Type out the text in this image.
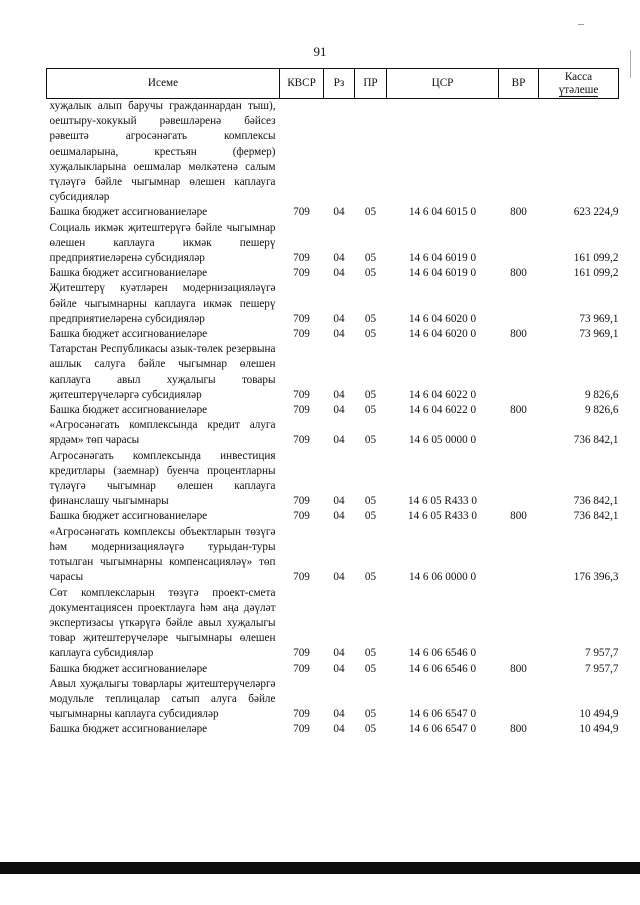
91
Исеме	КВСР	Рз	ПР	ЦСР	ВР	Касса
үтәлеше
хуҗалык алып баручы гражданнардан тыш), оештыру-хокукый рәвешләренә бәйсез рәвештә агросәнәгать комплексы оешмаларына, крестьян (фермер) хуҗалыкларына оешмалар мөлкәтенә салым түләүгә бәйле чыгымнар өлешен каплауга субсидияләр						
Башка бюджет ассигнованиеләре	709	04	05	14 6 04 6015 0	800	623 224,9
Социаль икмәк җитештерүгә бәйле чыгымнар өлешен каплауга икмәк пешерү предприятиеләренә субсидияләр	709	04	05	14 6 04 6019 0		161 099,2
Башка бюджет ассигнованиеләре	709	04	05	14 6 04 6019 0	800	161 099,2
Җитештерү куәтләрен модернизацияләүгә бәйле чыгымнарны каплауга икмәк пешерү предприятиеләренә субсидияләр	709	04	05	14 6 04 6020 0		73 969,1
Башка бюджет ассигнованиеләре	709	04	05	14 6 04 6020 0	800	73 969,1
Татарстан Республикасы азык-төлек резервына ашлык салуга бәйле чыгымнар өлешен каплауга авыл хуҗалыгы товары җитештерүчеләргә субсидияләр	709	04	05	14 6 04 6022 0		9 826,6
Башка бюджет ассигнованиеләре	709	04	05	14 6 04 6022 0	800	9 826,6
«Агросәнәгать комплексында кредит алуга ярдәм» төп чарасы	709	04	05	14 6 05 0000 0		736 842,1
Агросәнәгать комплексында инвестиция кредитлары (заемнар) буенча процентларны түләүгә чыгымнар өлешен каплауга финанслашу чыгымнары	709	04	05	14 6 05 R433 0		736 842,1
Башка бюджет ассигнованиеләре	709	04	05	14 6 05 R433 0	800	736 842,1
«Агросәнәгать комплексы объектларын төзүгә һәм модернизацияләүгә турыдан-туры тотылган чыгымнарны компенсацияләү» төп чарасы	709	04	05	14 6 06 0000 0		176 396,3
Сөт комплексларын төзүгә проект-смета документациясен проектлауга һәм аңа дәүләт экспертизасы үткәрүгә бәйле авыл хуҗалыгы товар җитештерүчеләре чыгымнары өлешен каплауга субсидияләр	709	04	05	14 6 06 6546 0		7 957,7
Башка бюджет ассигнованиеләре	709	04	05	14 6 06 6546 0	800	7 957,7
Авыл хуҗалыгы товарлары җитештерүчеләргә модульле теплицалар сатып алуга бәйле чыгымнарны каплауга субсидияләр	709	04	05	14 6 06 6547 0		10 494,9
Башка бюджет ассигнованиеләре	709	04	05	14 6 06 6547 0	800	10 494,9
